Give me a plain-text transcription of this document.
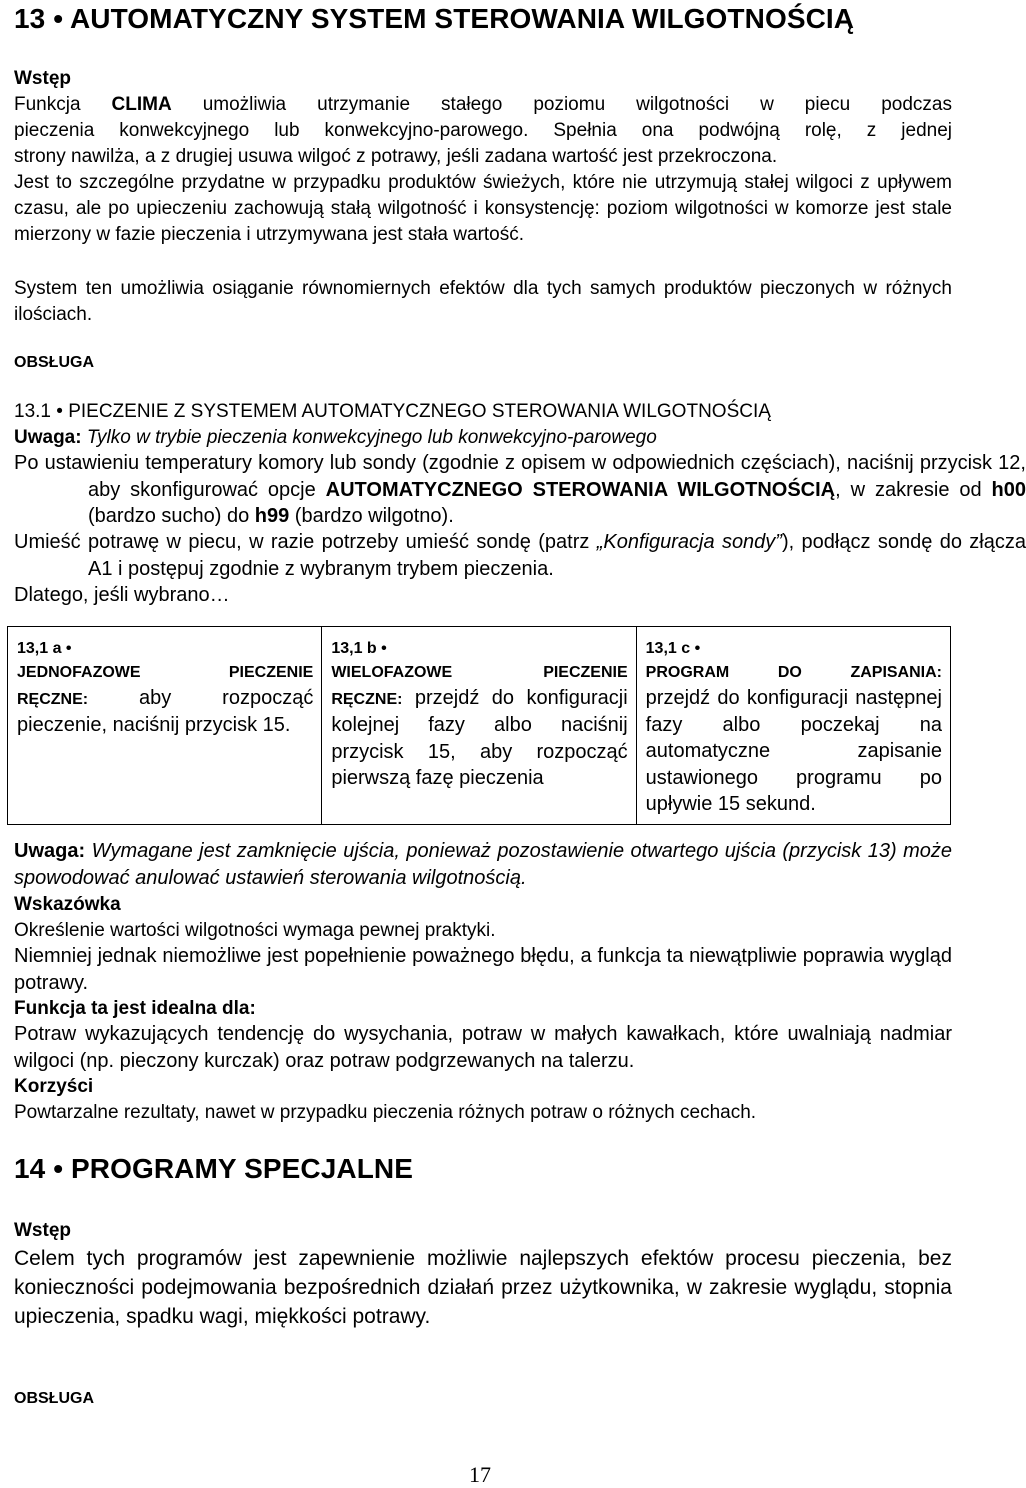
13 • AUTOMATYCZNY SYSTEM STEROWANIA WILGOTNOŚCIĄ
Wstęp
Funkcja CLIMA umożliwia utrzymanie stałego poziomu wilgotności w piecu podczas
pieczenia konwekcyjnego lub konwekcyjno-parowego. Spełnia ona podwójną rolę, z jednej
strony nawilża, a z drugiej usuwa wilgoć z potrawy, jeśli zadana wartość jest przekroczona.
Jest to szczególne przydatne w przypadku produktów świeżych, które nie utrzymują stałej wilgoci z upływem czasu, ale po upieczeniu zachowują stałą wilgotność i konsystencję: poziom wilgotności w komorze jest stale mierzony w fazie pieczenia i utrzymywana jest stała wartość.
System ten umożliwia osiąganie równomiernych efektów dla tych samych produktów pieczonych w różnych ilościach.
OBSŁUGA
13.1 • PIECZENIE Z SYSTEMEM AUTOMATYCZNEGO STEROWANIA WILGOTNOŚCIĄ
Uwaga: Tylko w trybie pieczenia konwekcyjnego lub konwekcyjno-parowego
Po ustawieniu temperatury komory lub sondy (zgodnie z opisem w odpowiednich częściach), naciśnij przycisk 12, aby skonfigurować opcje AUTOMATYCZNEGO STEROWANIA WILGOTNOŚCIĄ, w zakresie od h00 (bardzo sucho) do h99 (bardzo wilgotno).
Umieść potrawę w piecu, w razie potrzeby umieść sondę (patrz „Konfiguracja sondy”), podłącz sondę do złącza A1 i postępuj zgodnie z wybranym trybem pieczenia.
Dlatego, jeśli wybrano…
13,1 a •
JEDNOFAZOWE	PIECZENIE
RĘCZNE: aby rozpocząć pieczenie, naciśnij przycisk 15.

13,1 b •
WIELOFAZOWE	PIECZENIE
RĘCZNE: przejdź do konfiguracji kolejnej fazy albo naciśnij przycisk 15, aby rozpocząć pierwszą fazę pieczenia

13,1 c •
PROGRAM	DO	ZAPISANIA:
przejdź do konfiguracji następnej fazy albo poczekaj na automatyczne zapisanie ustawionego programu po upływie 15 sekund.
Uwaga: Wymagane jest zamknięcie ujścia, ponieważ pozostawienie otwartego ujścia (przycisk 13) może spowodować anulować ustawień sterowania wilgotnością.
Wskazówka
Określenie wartości wilgotności wymaga pewnej praktyki.
Niemniej jednak niemożliwe jest popełnienie poważnego błędu, a funkcja ta niewątpliwie poprawia wygląd potrawy.
Funkcja ta jest idealna dla:
Potraw wykazujących tendencję do wysychania, potraw w małych kawałkach, które uwalniają nadmiar wilgoci (np. pieczony kurczak) oraz potraw podgrzewanych na talerzu.
Korzyści
Powtarzalne rezultaty, nawet w przypadku pieczenia różnych potraw o różnych cechach.
14 • PROGRAMY SPECJALNE
Wstęp
Celem tych programów jest zapewnienie możliwie najlepszych efektów procesu pieczenia, bez konieczności podejmowania bezpośrednich działań przez użytkownika, w zakresie wyglądu, stopnia upieczenia, spadku wagi, miękkości potrawy.
OBSŁUGA
17
